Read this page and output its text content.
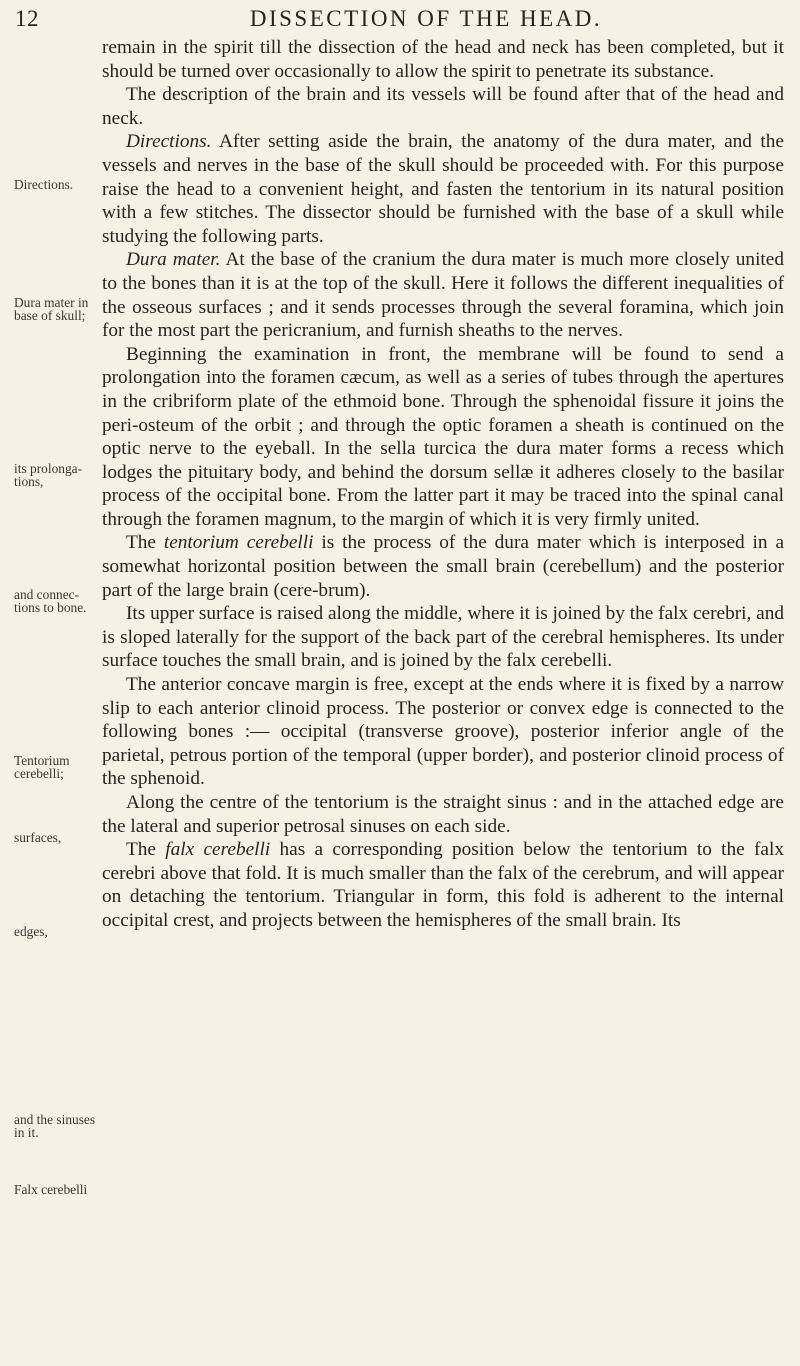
12	DISSECTION OF THE HEAD.
Directions.
Dura mater in base of skull;
its prolonga-tions,
and connec-tions to bone.
Tentorium cerebelli;
surfaces,
edges,
and the sinuses in it.
Falx cerebelli

remain in the spirit till the dissection of the head and neck has been completed, but it should be turned over occasionally to allow the spirit to penetrate its substance.

The description of the brain and its vessels will be found after that of the head and neck.

Directions. After setting aside the brain, the anatomy of the dura mater, and the vessels and nerves in the base of the skull should be proceeded with. For this purpose raise the head to a convenient height, and fasten the tentorium in its natural position with a few stitches. The dissector should be furnished with the base of a skull while studying the following parts.

Dura mater. At the base of the cranium the dura mater is much more closely united to the bones than it is at the top of the skull. Here it follows the different inequalities of the osseous surfaces ; and it sends processes through the several foramina, which join for the most part the pericranium, and furnish sheaths to the nerves.

Beginning the examination in front, the membrane will be found to send a prolongation into the foramen cæcum, as well as a series of tubes through the apertures in the cribriform plate of the ethmoid bone. Through the sphenoidal fissure it joins the peri-osteum of the orbit ; and through the optic foramen a sheath is continued on the optic nerve to the eyeball. In the sella turcica the dura mater forms a recess which lodges the pituitary body, and behind the dorsum sellæ it adheres closely to the basilar process of the occipital bone. From the latter part it may be traced into the spinal canal through the foramen magnum, to the margin of which it is very firmly united.

The tentorium cerebelli is the process of the dura mater which is interposed in a somewhat horizontal position between the small brain (cerebellum) and the posterior part of the large brain (cere-brum).

Its upper surface is raised along the middle, where it is joined by the falx cerebri, and is sloped laterally for the support of the back part of the cerebral hemispheres. Its under surface touches the small brain, and is joined by the falx cerebelli.

The anterior concave margin is free, except at the ends where it is fixed by a narrow slip to each anterior clinoid process. The posterior or convex edge is connected to the following bones :— occipital (transverse groove), posterior inferior angle of the parietal, petrous portion of the temporal (upper border), and posterior clinoid process of the sphenoid.

Along the centre of the tentorium is the straight sinus : and in the attached edge are the lateral and superior petrosal sinuses on each side.

The falx cerebelli has a corresponding position below the tentorium to the falx cerebri above that fold. It is much smaller than the falx of the cerebrum, and will appear on detaching the tentorium. Triangular in form, this fold is adherent to the internal occipital crest, and projects between the hemispheres of the small brain. Its
